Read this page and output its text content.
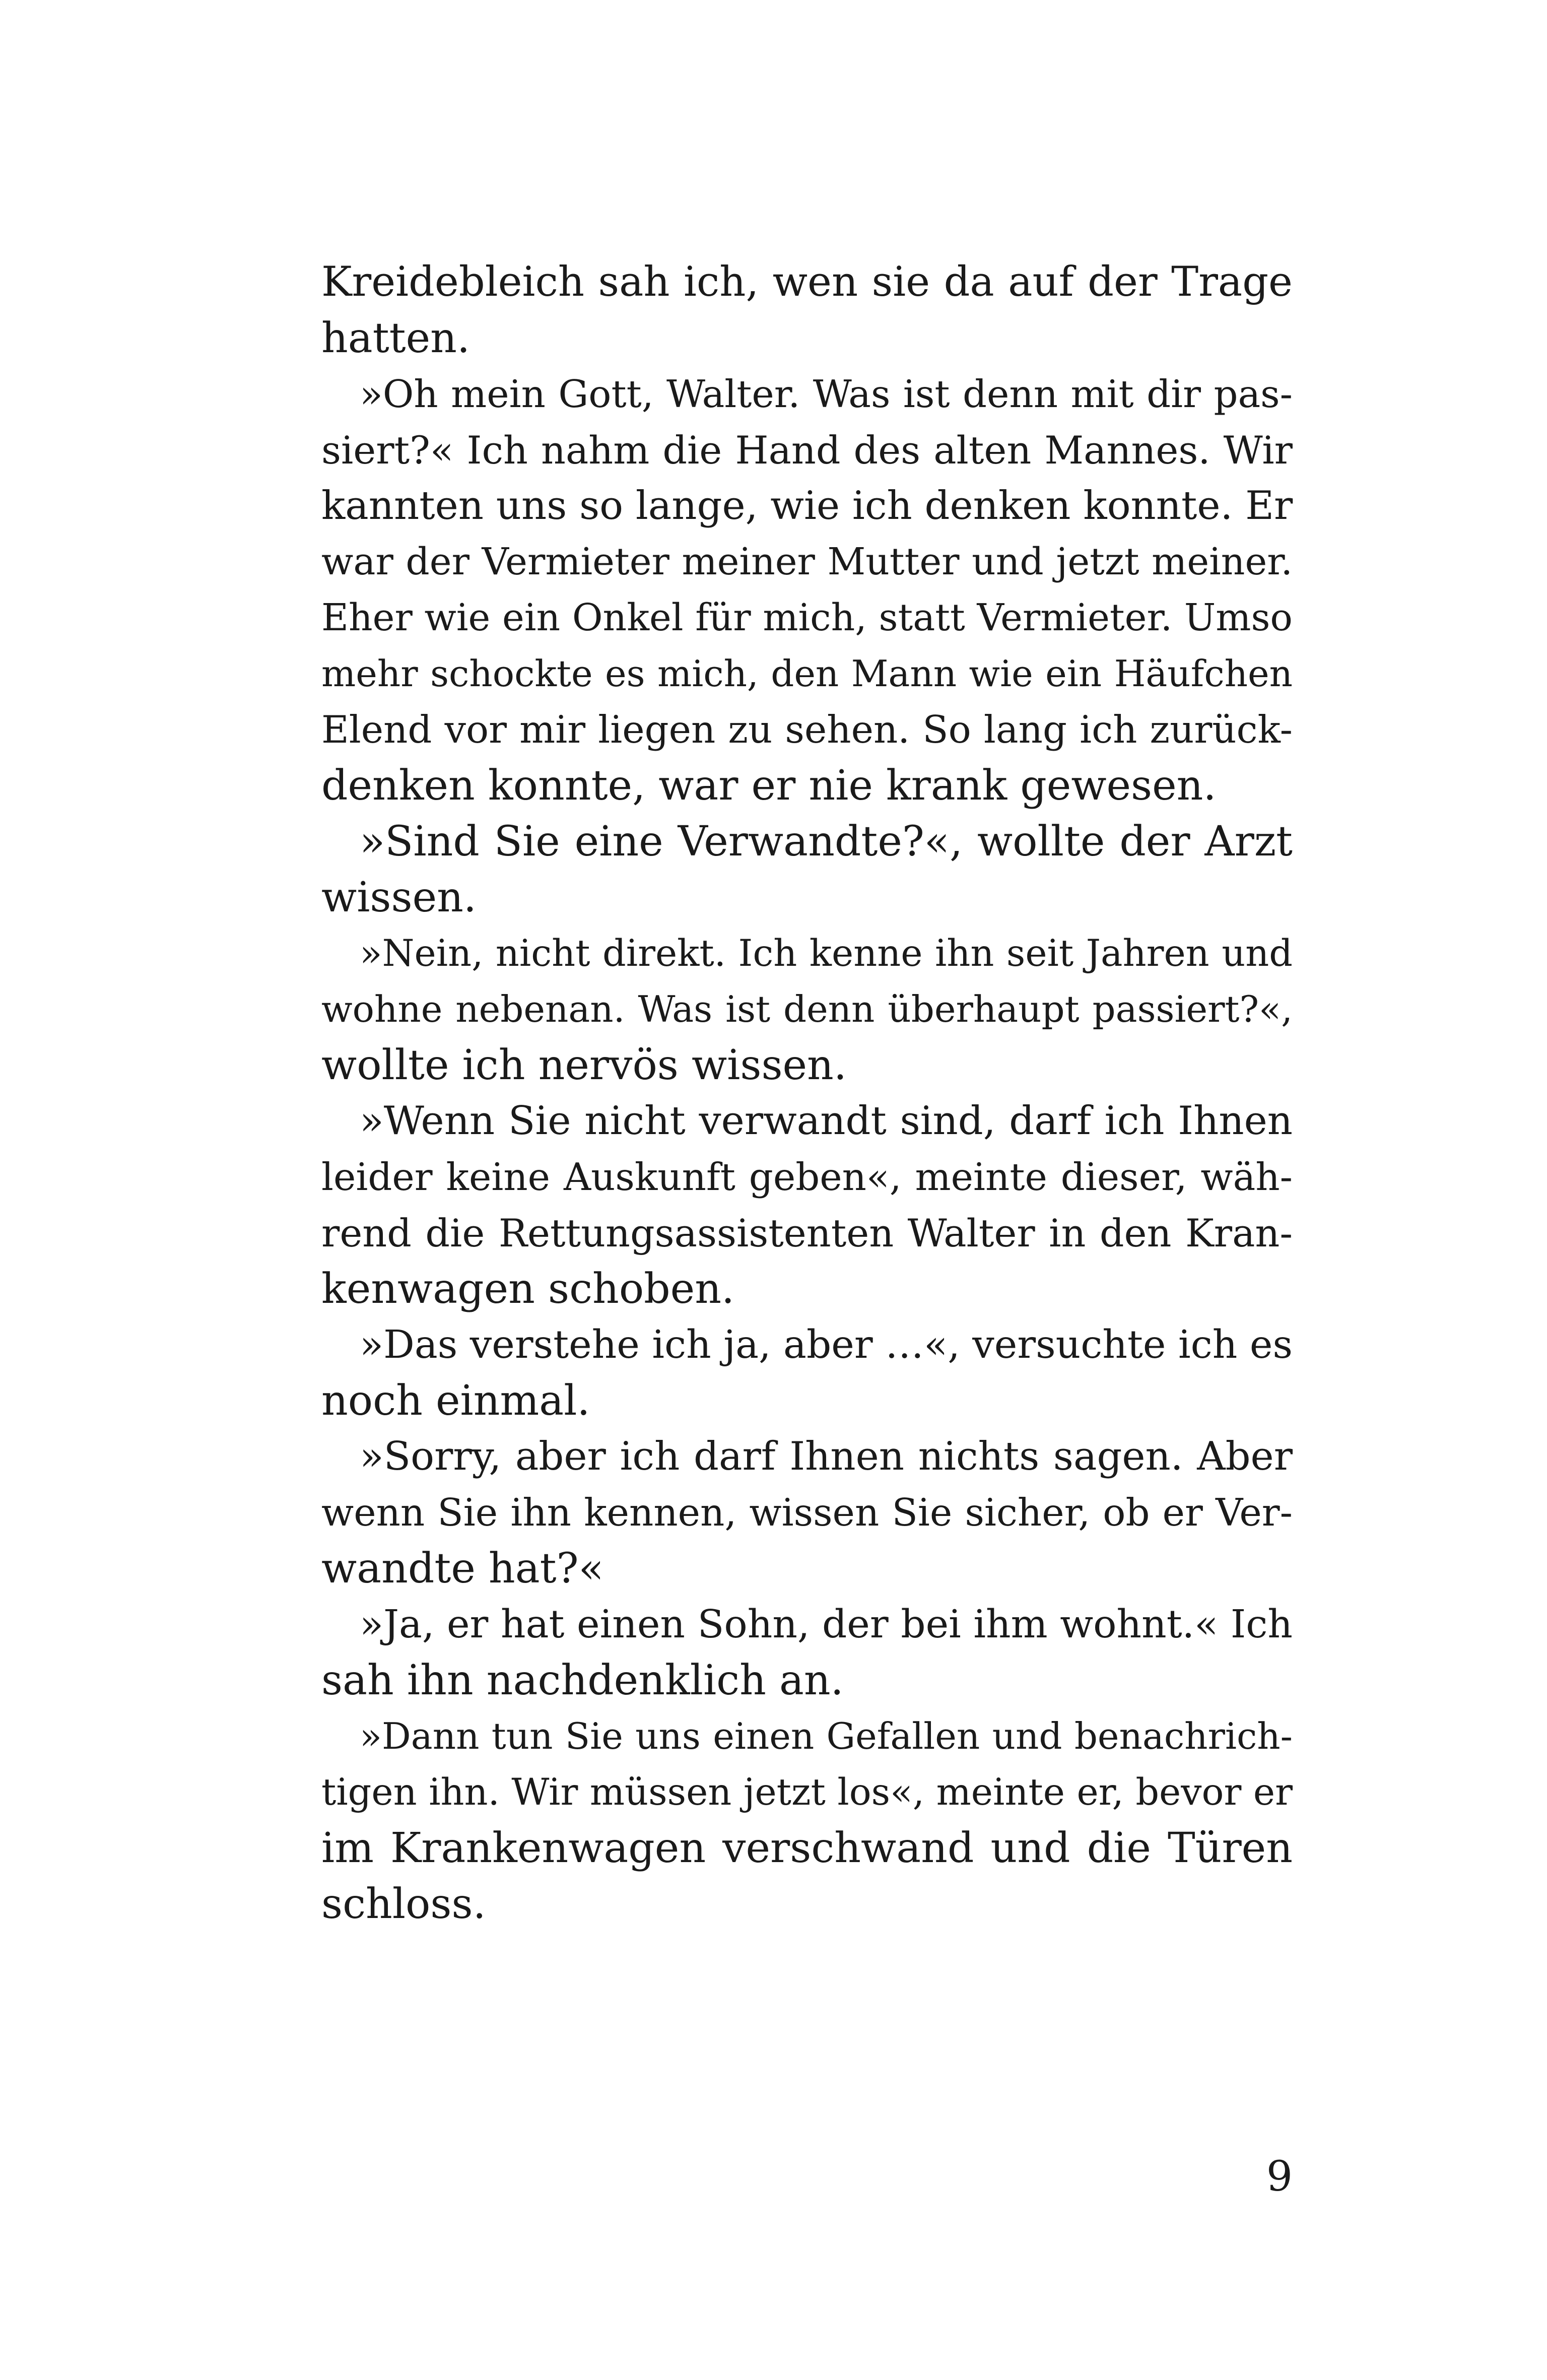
Kreidebleich sah ich, wen sie da auf der Trage
hatten.
»Oh mein Gott, Walter. Was ist denn mit dir pas-
siert?« Ich nahm die Hand des alten Mannes. Wir
kannten uns so lange, wie ich denken konnte. Er
war der Vermieter meiner Mutter und jetzt meiner.
Eher wie ein Onkel für mich, statt Vermieter. Umso
mehr schockte es mich, den Mann wie ein Häufchen
Elend vor mir liegen zu sehen. So lang ich zurück-
denken konnte, war er nie krank gewesen.
»Sind Sie eine Verwandte?«, wollte der Arzt
wissen.
»Nein, nicht direkt. Ich kenne ihn seit Jahren und
wohne nebenan. Was ist denn überhaupt passiert?«,
wollte ich nervös wissen.
»Wenn Sie nicht verwandt sind, darf ich Ihnen
leider keine Auskunft geben«, meinte dieser, wäh-
rend die Rettungsassistenten Walter in den Kran-
kenwagen schoben.
»Das verstehe ich ja, aber …«, versuchte ich es
noch einmal.
»Sorry, aber ich darf Ihnen nichts sagen. Aber
wenn Sie ihn kennen, wissen Sie sicher, ob er Ver-
wandte hat?«
»Ja, er hat einen Sohn, der bei ihm wohnt.« Ich
sah ihn nachdenklich an.
»Dann tun Sie uns einen Gefallen und benachrich-
tigen ihn. Wir müssen jetzt los«, meinte er, bevor er
im Krankenwagen verschwand und die Türen
schloss.
9
